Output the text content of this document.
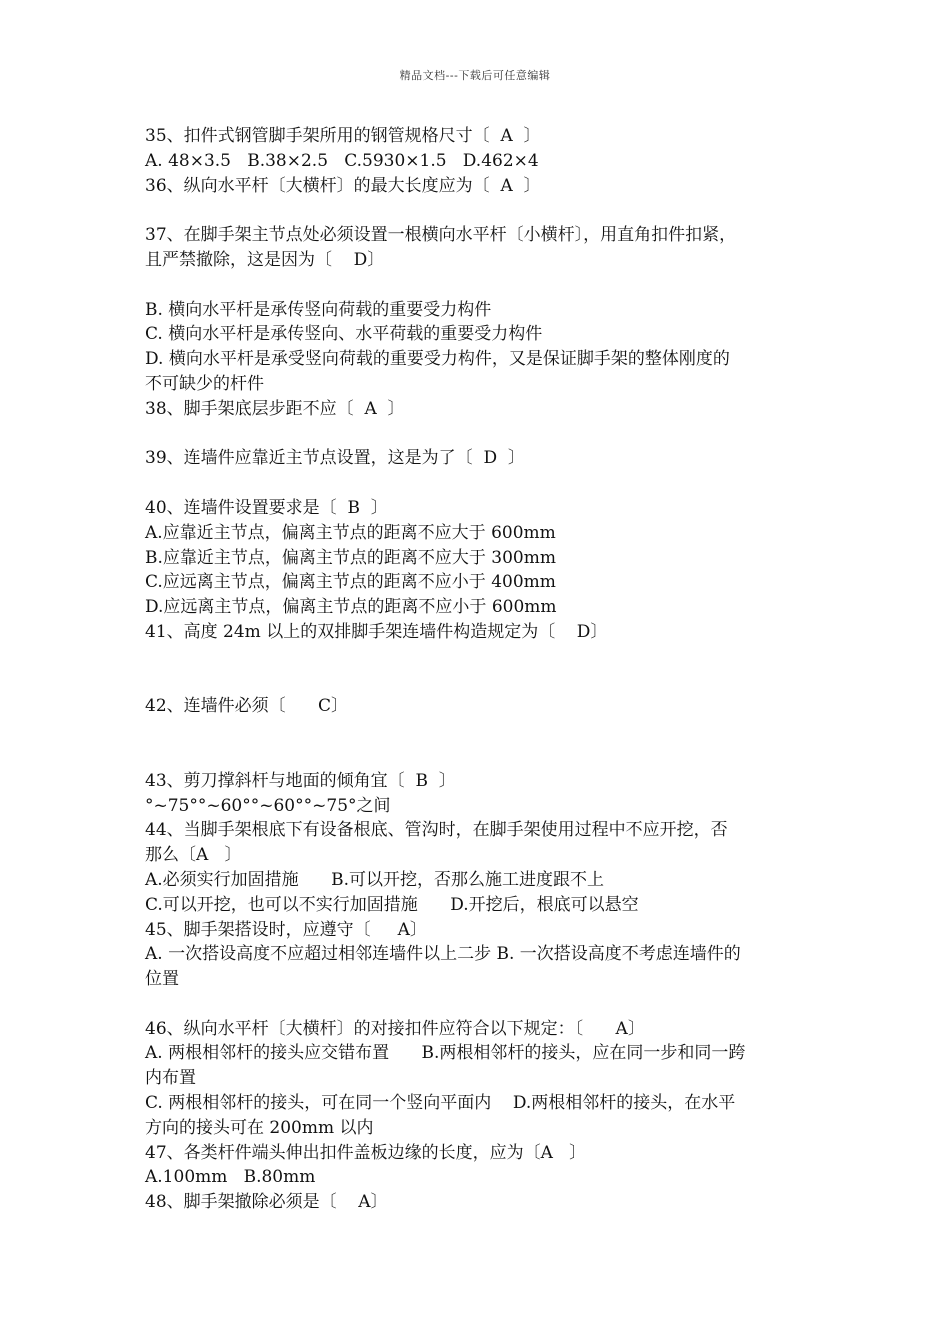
精品文档---下载后可任意编辑

35、扣件式钢管脚手架所用的钢管规格尺寸〔  A  〕

A. 48×3.5   B.38×2.5   C.5930×1.5   D.462×4

36、纵向水平杆〔大横杆〕的最大长度应为〔  A  〕

37、在脚手架主节点处必须设置一根横向水平杆〔小横杆〕，用直角扣件扣紧，

且严禁撤除，这是因为〔    D〕

B. 横向水平杆是承传竖向荷载的重要受力构件

C. 横向水平杆是承传竖向、水平荷载的重要受力构件

D. 横向水平杆是承受竖向荷载的重要受力构件，又是保证脚手架的整体刚度的

不可缺少的杆件

38、脚手架底层步距不应〔  A  〕

39、连墙件应靠近主节点设置，这是为了〔  D  〕

40、连墙件设置要求是〔  B  〕

A.应靠近主节点，偏离主节点的距离不应大于 600mm

B.应靠近主节点，偏离主节点的距离不应大于 300mm

C.应远离主节点，偏离主节点的距离不应小于 400mm

D.应远离主节点，偏离主节点的距离不应小于 600mm

41、高度 24m 以上的双排脚手架连墙件构造规定为〔    D〕

42、连墙件必须〔      C〕

43、剪刀撑斜杆与地面的倾角宜〔  B  〕

°~75°°~60°°~60°°~75°之间

44、当脚手架根底下有设备根底、管沟时，在脚手架使用过程中不应开挖，否

那么〔A   〕

A.必须实行加固措施      B.可以开挖，否那么施工进度跟不上

C.可以开挖，也可以不实行加固措施      D.开挖后，根底可以悬空

45、脚手架搭设时，应遵守〔     A〕

A. 一次搭设高度不应超过相邻连墙件以上二步 B. 一次搭设高度不考虑连墙件的

位置

46、纵向水平杆〔大横杆〕的对接扣件应符合以下规定：〔      A〕

A. 两根相邻杆的接头应交错布置      B.两根相邻杆的接头，应在同一步和同一跨

内布置

C. 两根相邻杆的接头，可在同一个竖向平面内    D.两根相邻杆的接头，在水平

方向的接头可在 200mm 以内

47、各类杆件端头伸出扣件盖板边缘的长度，应为〔A   〕

A.100mm   B.80mm

48、脚手架撤除必须是〔    A〕
